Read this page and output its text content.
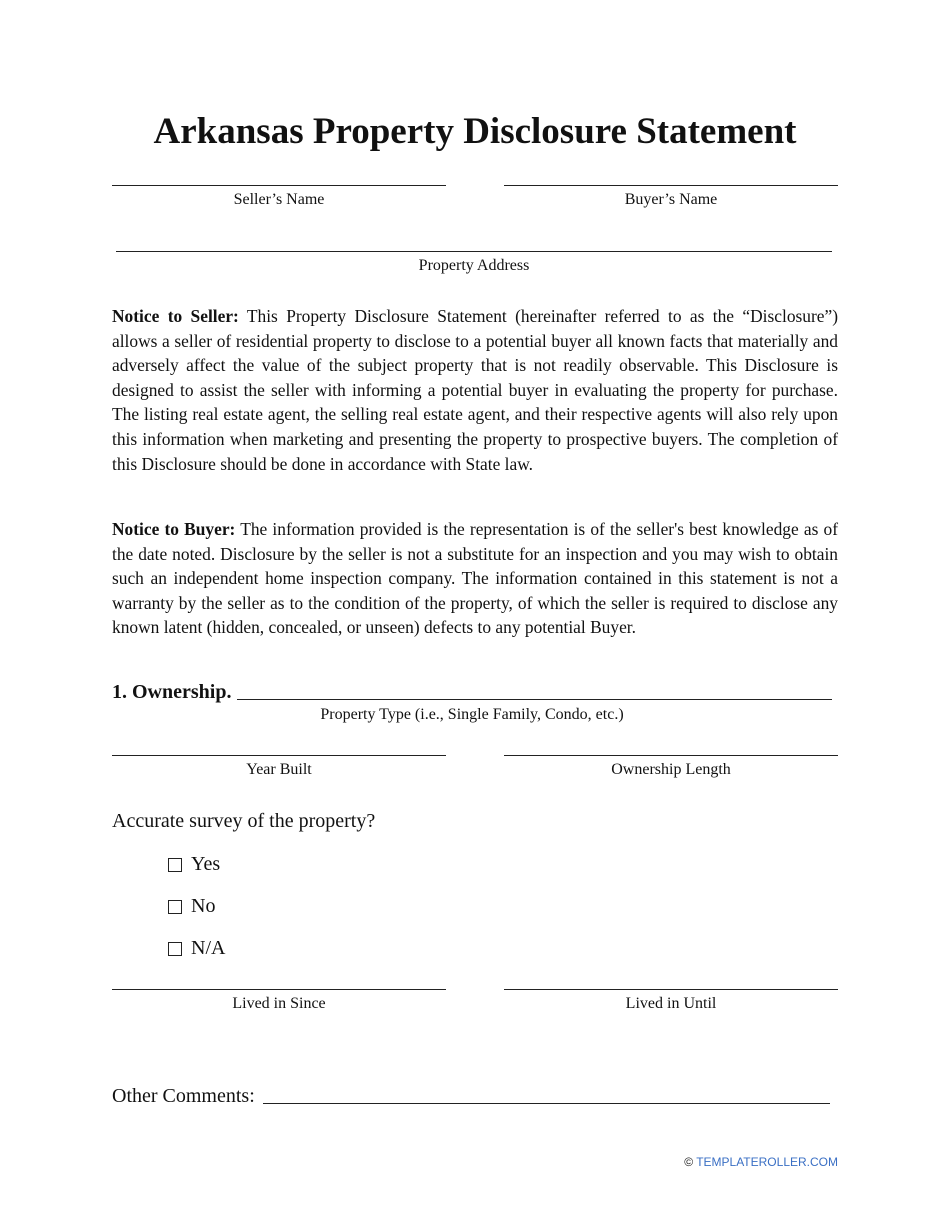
Arkansas Property Disclosure Statement
Seller’s Name	Buyer’s Name
Property Address

Notice to Seller: This Property Disclosure Statement (hereinafter referred to as the “Disclosure”) allows a seller of residential property to disclose to a potential buyer all known facts that materially and adversely affect the value of the subject property that is not readily observable. This Disclosure is designed to assist the seller with informing a potential buyer in evaluating the property for purchase. The listing real estate agent, the selling real estate agent, and their respective agents will also rely upon this information when marketing and presenting the property to prospective buyers. The completion of this Disclosure should be done in accordance with State law.

Notice to Buyer: The information provided is the representation is of the seller's best knowledge as of the date noted. Disclosure by the seller is not a substitute for an inspection and you may wish to obtain such an independent home inspection company. The information contained in this statement is not a warranty by the seller as to the condition of the property, of which the seller is required to disclose any known latent (hidden, concealed, or unseen) defects to any potential Buyer.

1. Ownership.
Property Type (i.e., Single Family, Condo, etc.)
Year Built	Ownership Length

Accurate survey of the property?

Yes
No
N/A
Lived in Since	Lived in Until
Other Comments:
© TEMPLATEROLLER.COM
